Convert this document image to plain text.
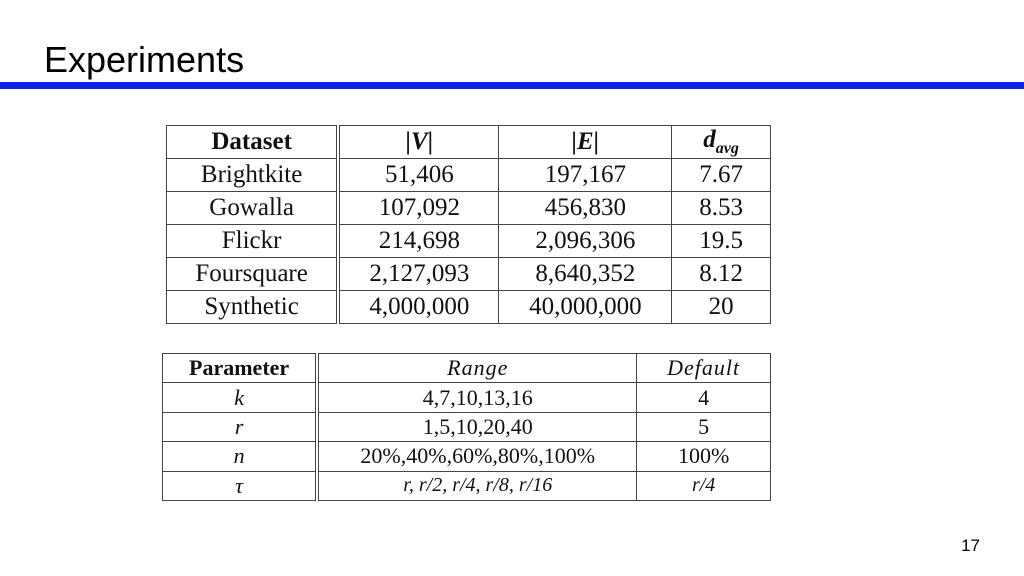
Experiments
Dataset	|V|	|E|	$d_{avg}$
Brightkite	51,406	197,167	7.67
Gowalla	107,092	456,830	8.53
Flickr	214,698	2,096,306	19.5
Foursquare	2,127,093	8,640,352	8.12
Synthetic	4,000,000	40,000,000	20
Parameter	Range	Default
k	4,7,10,13,16	4
r	1,5,10,20,40	5
n	20%,40%,60%,80%,100%	100%
τ	r, r/2, r/4, r/8, r/16	r/4
17
